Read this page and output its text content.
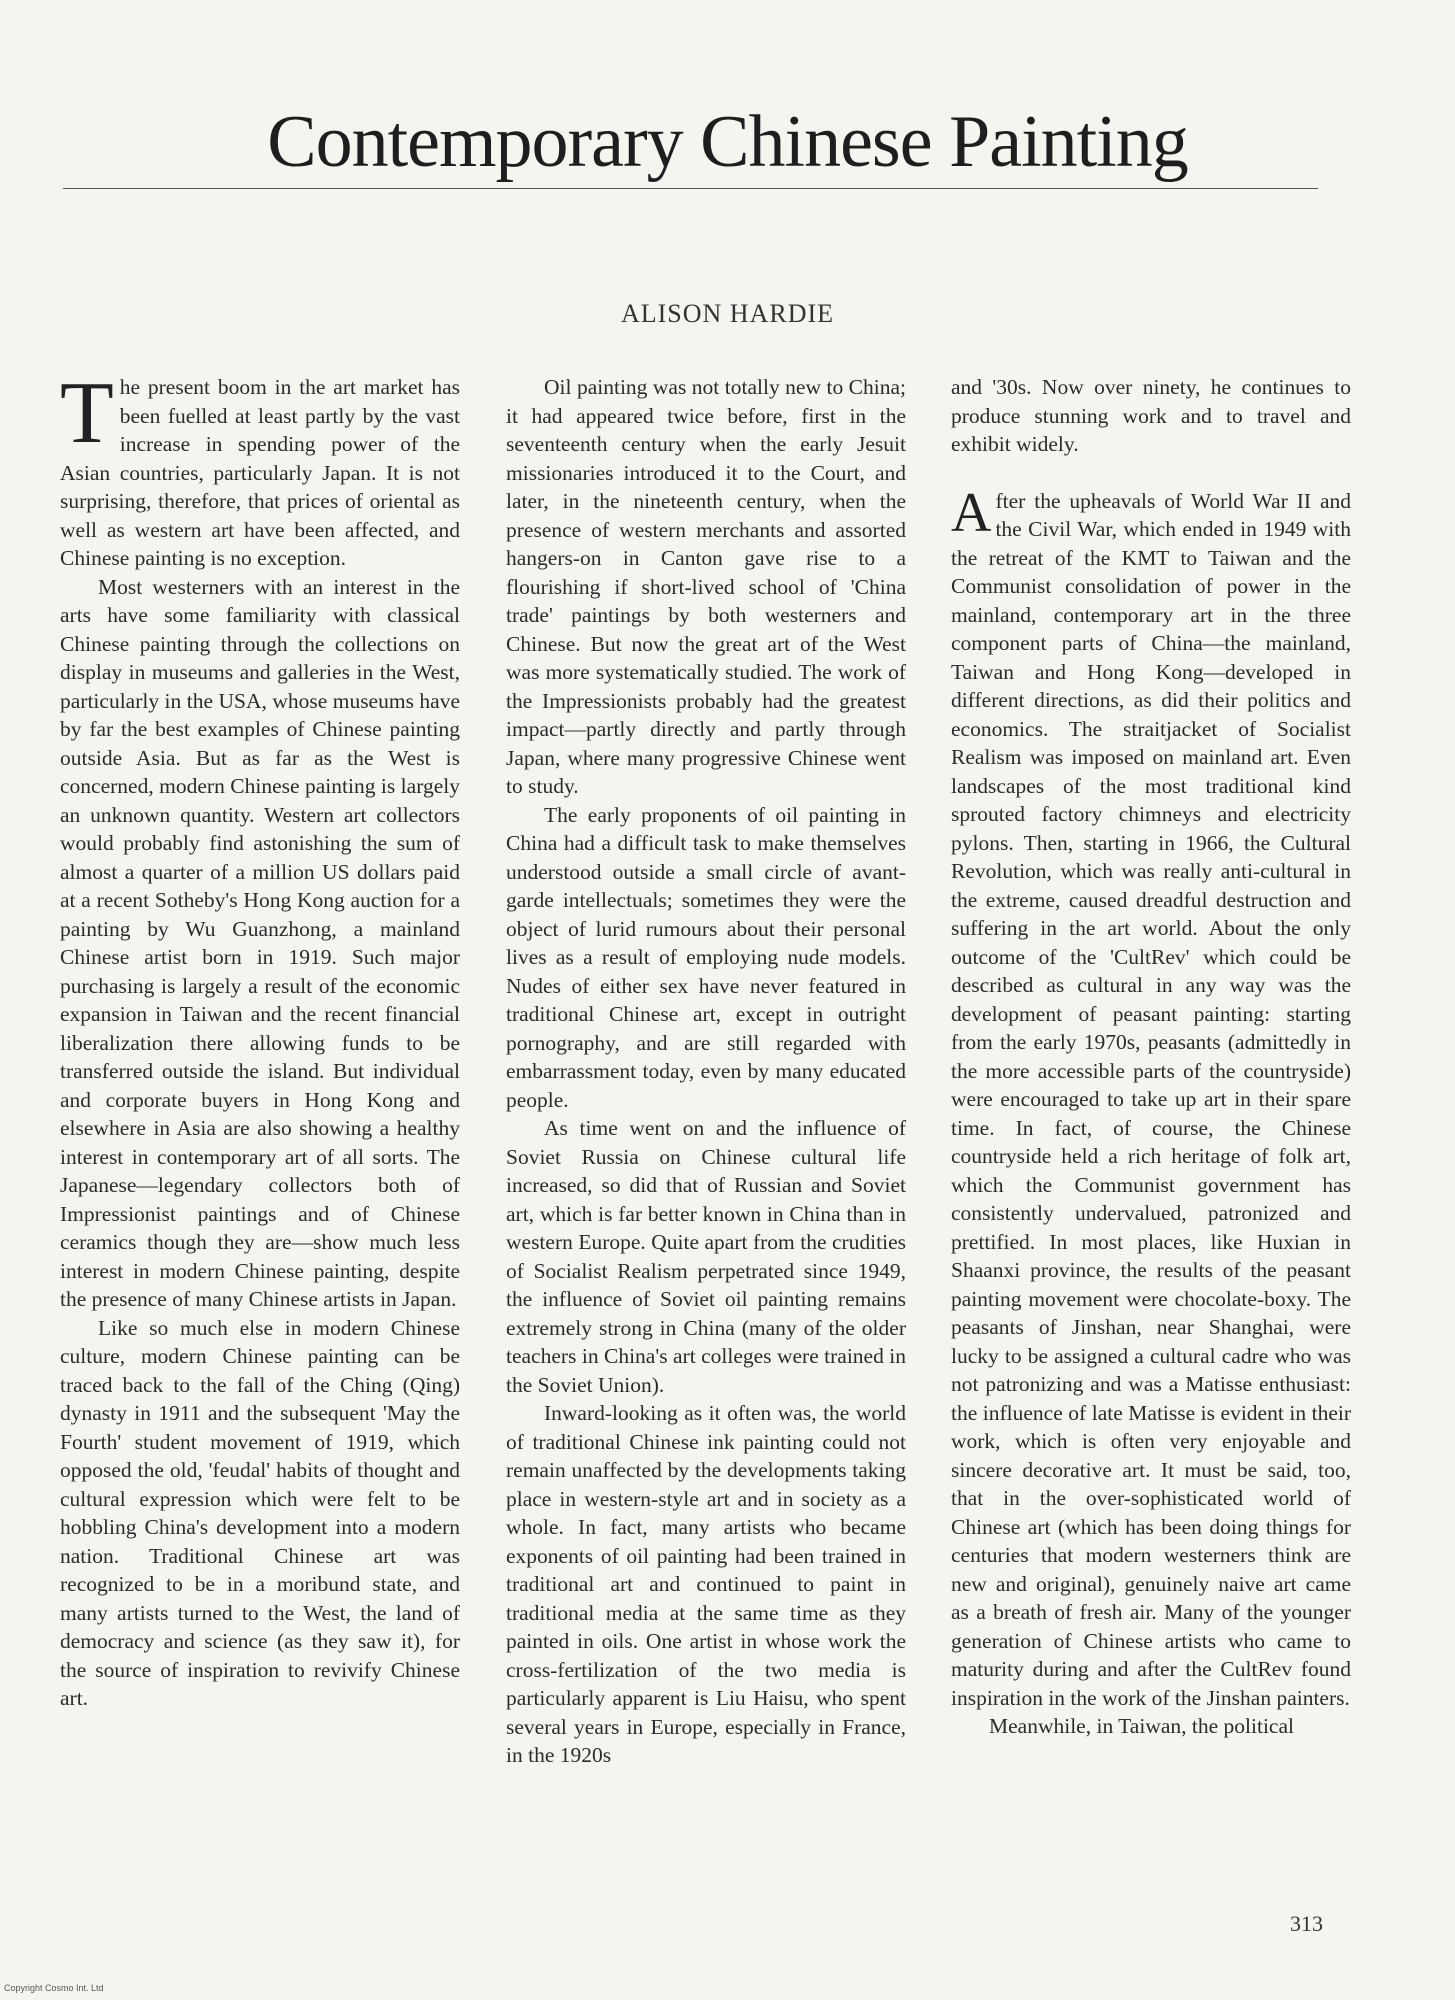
Contemporary Chinese Painting
ALISON HARDIE

The present boom in the art market has been fuelled at least partly by the vast increase in spending power of the Asian countries, particularly Japan. It is not surprising, therefore, that prices of oriental as well as western art have been affected, and Chinese painting is no exception.

Most westerners with an interest in the arts have some familiarity with classical Chinese painting through the collections on display in museums and galleries in the West, particularly in the USA, whose museums have by far the best examples of Chinese painting outside Asia. But as far as the West is concerned, modern Chinese painting is largely an unknown quantity. Western art collectors would probably find astonishing the sum of almost a quarter of a million US dollars paid at a recent Sotheby's Hong Kong auction for a painting by Wu Guanzhong, a mainland Chinese artist born in 1919. Such major purchasing is largely a result of the economic expansion in Taiwan and the recent financial liberalization there allowing funds to be transferred outside the island. But individual and corporate buyers in Hong Kong and elsewhere in Asia are also showing a healthy interest in contemporary art of all sorts. The Japanese—legendary collectors both of Impressionist paintings and of Chinese ceramics though they are—show much less interest in modern Chinese painting, despite the presence of many Chinese artists in Japan.

Like so much else in modern Chinese culture, modern Chinese painting can be traced back to the fall of the Ching (Qing) dynasty in 1911 and the subsequent 'May the Fourth' student movement of 1919, which opposed the old, 'feudal' habits of thought and cultural expression which were felt to be hobbling China's development into a modern nation. Traditional Chinese art was recognized to be in a moribund state, and many artists turned to the West, the land of democracy and science (as they saw it), for the source of inspiration to revivify Chinese art.

Oil painting was not totally new to China; it had appeared twice before, first in the seventeenth century when the early Jesuit missionaries introduced it to the Court, and later, in the nineteenth century, when the presence of western merchants and assorted hangers-on in Canton gave rise to a flourishing if short-lived school of 'China trade' paintings by both westerners and Chinese. But now the great art of the West was more systematically studied. The work of the Impressionists probably had the greatest impact—partly directly and partly through Japan, where many progressive Chinese went to study.

The early proponents of oil painting in China had a difficult task to make themselves understood outside a small circle of avant-garde intellectuals; sometimes they were the object of lurid rumours about their personal lives as a result of employing nude models. Nudes of either sex have never featured in traditional Chinese art, except in outright pornography, and are still regarded with embarrassment today, even by many educated people.

As time went on and the influence of Soviet Russia on Chinese cultural life increased, so did that of Russian and Soviet art, which is far better known in China than in western Europe. Quite apart from the crudities of Socialist Realism perpetrated since 1949, the influence of Soviet oil painting remains extremely strong in China (many of the older teachers in China's art colleges were trained in the Soviet Union).

Inward-looking as it often was, the world of traditional Chinese ink painting could not remain unaffected by the developments taking place in western-style art and in society as a whole. In fact, many artists who became exponents of oil painting had been trained in traditional art and continued to paint in traditional media at the same time as they painted in oils. One artist in whose work the cross-fertilization of the two media is particularly apparent is Liu Haisu, who spent several years in Europe, especially in France, in the 1920s

and '30s. Now over ninety, he continues to produce stunning work and to travel and exhibit widely.

After the upheavals of World War II and the Civil War, which ended in 1949 with the retreat of the KMT to Taiwan and the Communist consolidation of power in the mainland, contemporary art in the three component parts of China—the mainland, Taiwan and Hong Kong—developed in different directions, as did their politics and economics. The straitjacket of Socialist Realism was imposed on mainland art. Even landscapes of the most traditional kind sprouted factory chimneys and electricity pylons. Then, starting in 1966, the Cultural Revolution, which was really anti-cultural in the extreme, caused dreadful destruction and suffering in the art world. About the only outcome of the 'CultRev' which could be described as cultural in any way was the development of peasant painting: starting from the early 1970s, peasants (admittedly in the more accessible parts of the countryside) were encouraged to take up art in their spare time. In fact, of course, the Chinese countryside held a rich heritage of folk art, which the Communist government has consistently undervalued, patronized and prettified. In most places, like Huxian in Shaanxi province, the results of the peasant painting movement were chocolate-boxy. The peasants of Jinshan, near Shanghai, were lucky to be assigned a cultural cadre who was not patronizing and was a Matisse enthusiast: the influence of late Matisse is evident in their work, which is often very enjoyable and sincere decorative art. It must be said, too, that in the over-sophisticated world of Chinese art (which has been doing things for centuries that modern westerners think are new and original), genuinely naive art came as a breath of fresh air. Many of the younger generation of Chinese artists who came to maturity during and after the CultRev found inspiration in the work of the Jinshan painters.

Meanwhile, in Taiwan, the political

313
Copyright Cosmo Int. Ltd
